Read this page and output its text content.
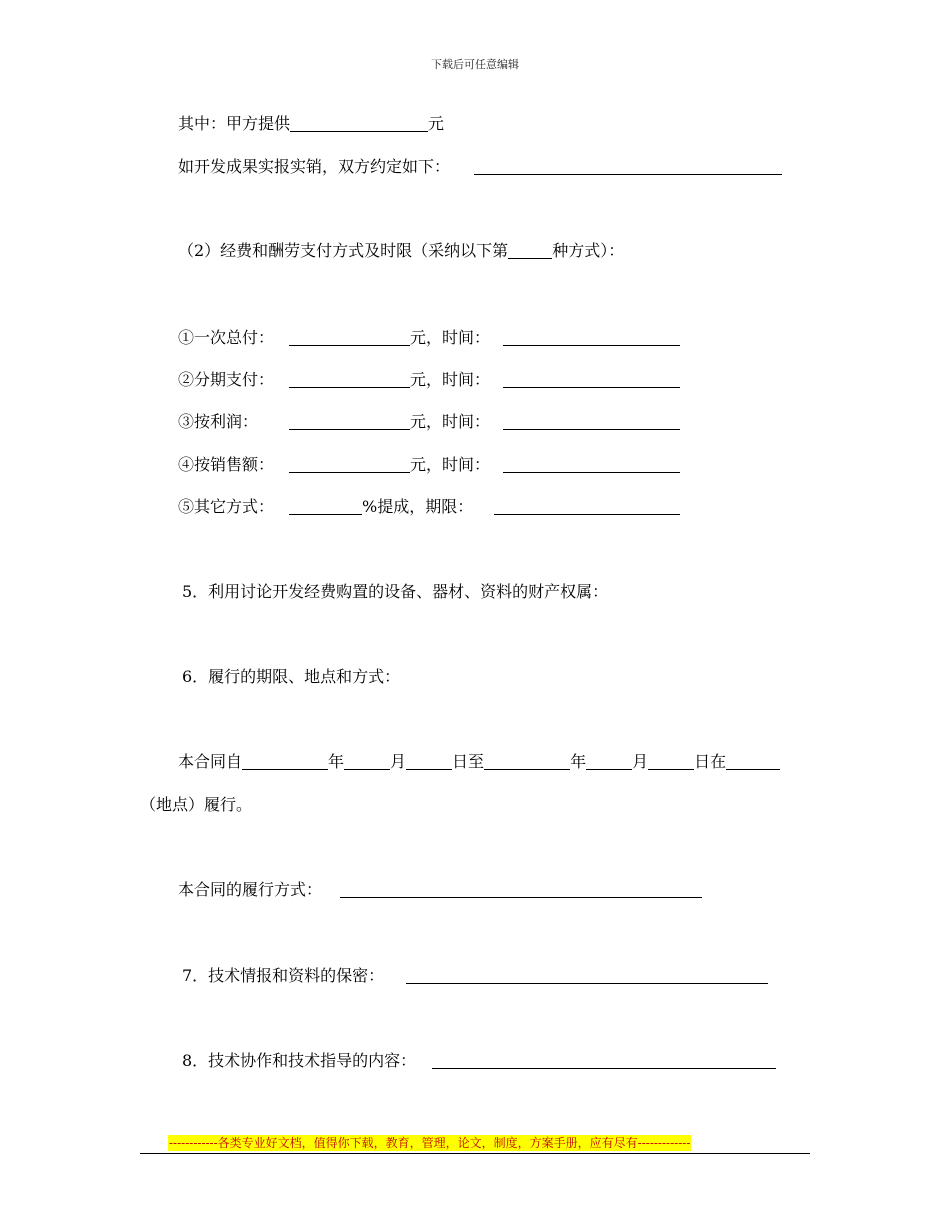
下载后可任意编辑
其中：甲方提供	元
如开发成果实报实销，双方约定如下：
（2）经费和酬劳支付方式及时限（采纳以下第	种方式）：
①一次总付：	元，时间：
②分期支付：	元，时间：
③按利润：	元，时间：
④按销售额：	元，时间：
⑤其它方式：	%提成，期限：
5．利用讨论开发经费购置的设备、器材、资料的财产权属：
6．履行的期限、地点和方式：
本合同自	年	月	日至	年	月	日在
（地点）履行。
本合同的履行方式：
7．技术情报和资料的保密：
8．技术协作和技术指导的内容：
------------各类专业好文档，值得你下载，教育，管理，论文，制度，方案手册，应有尽有-------------
